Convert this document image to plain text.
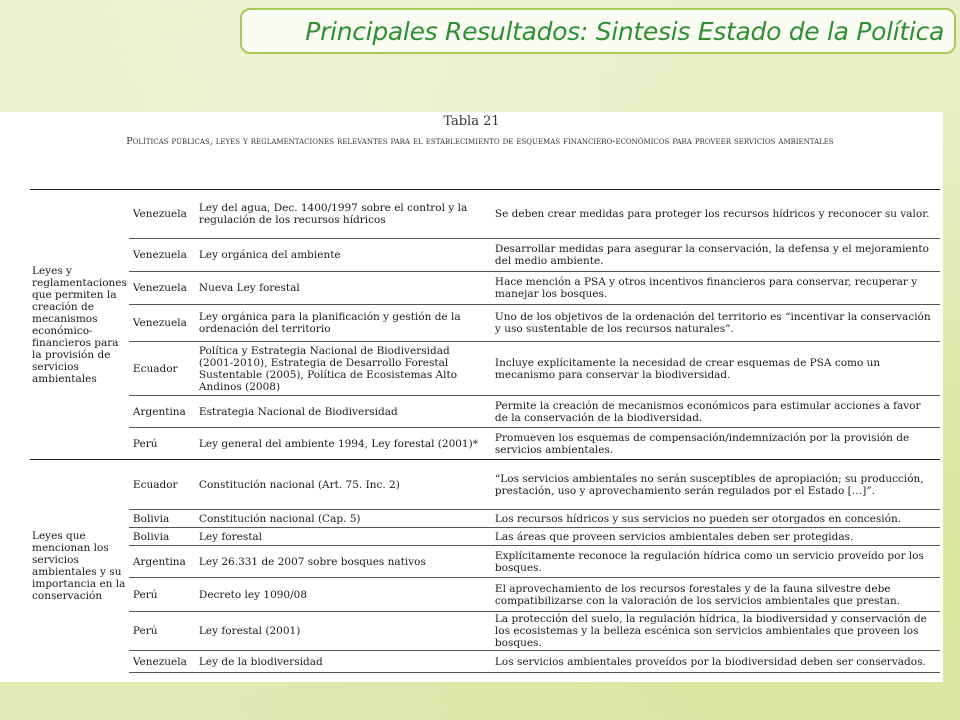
Principales Resultados: Sintesis Estado de la Política
Tabla 21
Políticas públicas, leyes y reglamentaciones relevantes para el establecimiento de esquemas financiero-económicos para proveer servicios ambientales
Leyes y reglamentaciones que permiten la creación de mecanismos económico-financieros para la provisión de servicios ambientales	Venezuela	Ley del agua, Dec. 1400/1997 sobre el control y la regulación de los recursos hídricos	Se deben crear medidas para proteger los recursos hídricos y reconocer su valor.
	Venezuela	Ley orgánica del ambiente	Desarrollar medidas para asegurar la conservación, la defensa y el mejoramiento del medio ambiente.
	Venezuela	Nueva Ley forestal	Hace mención a PSA y otros incentivos financieros para conservar, recuperar y manejar los bosques.
	Venezuela	Ley orgánica para la planificación y gestión de la ordenación del territorio	Uno de los objetivos de la ordenación del territorio es “incentivar la conservación y uso sustentable de los recursos naturales”.
	Ecuador	Política y Estrategia Nacional de Biodiversidad (2001-2010), Estrategia de Desarrollo Forestal Sustentable (2005), Política de Ecosistemas Alto Andinos (2008)	Incluye explícitamente la necesidad de crear esquemas de PSA como un mecanismo para conservar la biodiversidad.
	Argentina	Estrategia Nacional de Biodiversidad	Permite la creación de mecanismos económicos para estimular acciones a favor de la conservación de la biodiversidad.
	Perú	Ley general del ambiente 1994, Ley forestal (2001)*	Promueven los esquemas de compensación/indemnización por la provisión de servicios ambientales.
Leyes que mencionan los servicios ambientales y su importancia en la conservación	Ecuador	Constitución nacional (Art. 75. Inc. 2)	“Los servicios ambientales no serán susceptibles de apropiación; su producción, prestación, uso y aprovechamiento serán regulados por el Estado […]”.
	Bolivia	Constitución nacional (Cap. 5)	Los recursos hídricos y sus servicios no pueden ser otorgados en concesión.
	Bolivia	Ley forestal	Las áreas que proveen servicios ambientales deben ser protegidas.
	Argentina	Ley 26.331 de 2007 sobre bosques nativos	Explícitamente reconoce la regulación hídrica como un servicio proveído por los bosques.
	Perú	Decreto ley 1090/08	El aprovechamiento de los recursos forestales y de la fauna silvestre debe compatibilizarse con la valoración de los servicios ambientales que prestan.
	Perú	Ley forestal (2001)	La protección del suelo, la regulación hídrica, la biodiversidad y conservación de los ecosistemas y la belleza escénica son servicios ambientales que proveen los bosques.
	Venezuela	Ley de la biodiversidad	Los servicios ambientales proveídos por la biodiversidad deben ser conservados.
